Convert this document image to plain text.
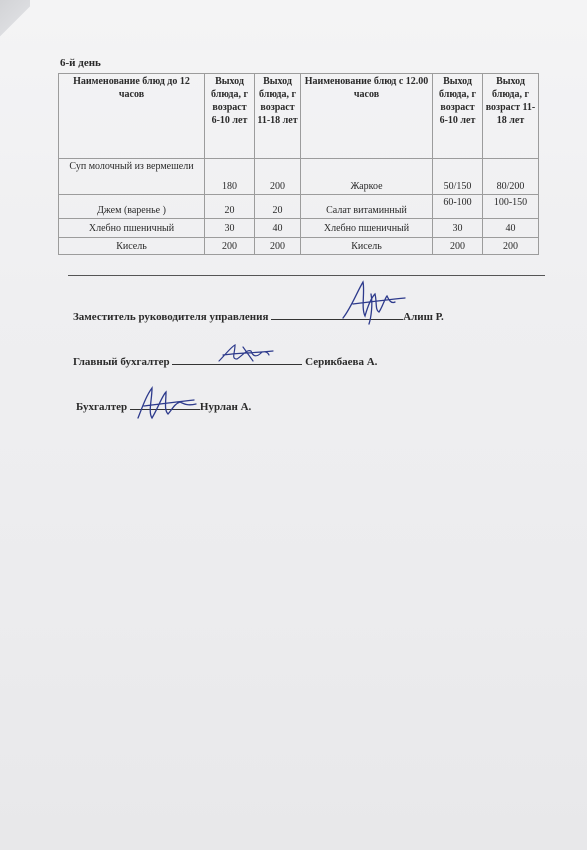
6-й день
Наименование блюд до 12 часов	Выход блюда, г возраст 6-10 лет	Выход блюда, г возраст 11-18 лет	Наименование блюд с 12.00 часов	Выход блюда, г возраст 6-10 лет	Выход блюда, г возраст 11-18 лет
Суп молочный из вермешели	180	200	Жаркое	50/150	80/200
Джем (варенье )	20	20	Салат витаминный	60-100	100-150
Хлебно пшеничный	30	40	Хлебно пшеничный	30	40
Кисель	200	200	Кисель	200	200
Заместитель руководителя управления	Алиш Р.
Главный бухгалтер	Серикбаева А.
Бухгалтер	Нурлан А.
